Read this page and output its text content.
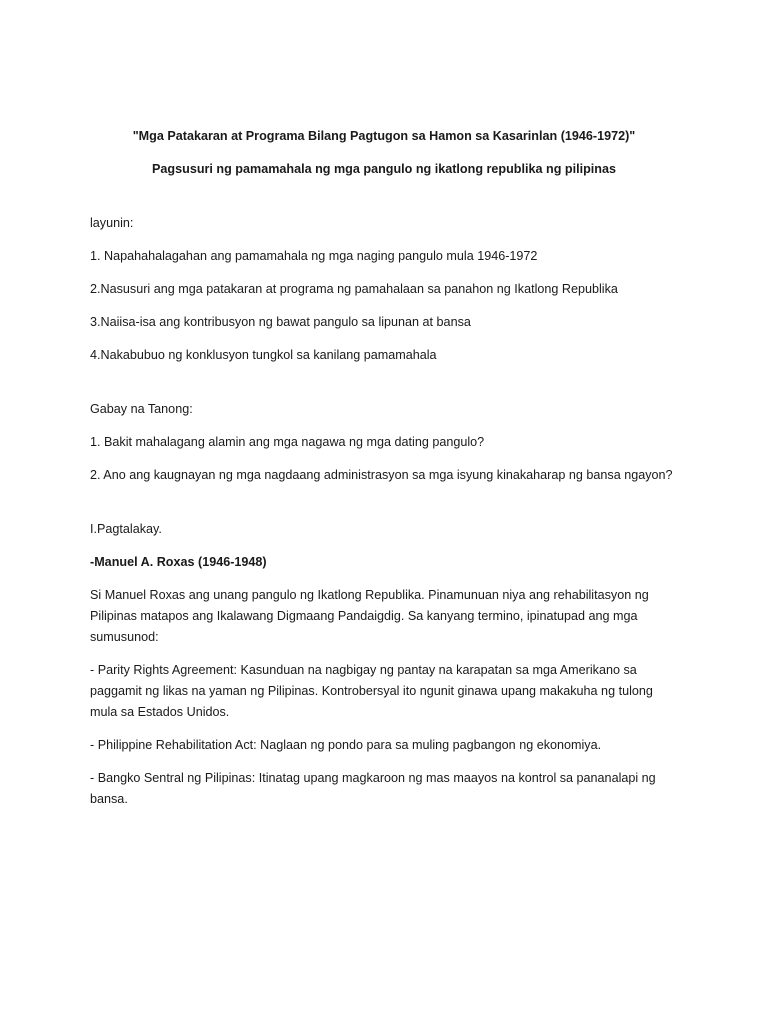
"Mga Patakaran at Programa Bilang Pagtugon sa Hamon sa Kasarinlan (1946-1972)"

Pagsusuri ng pamamahala ng mga pangulo ng ikatlong republika ng pilipinas

layunin:

1. Napahahalagahan ang pamamahala ng mga naging pangulo mula 1946-1972

2.Nasusuri ang mga patakaran at programa ng pamahalaan sa panahon ng Ikatlong Republika

3.Naiisa-isa ang kontribusyon ng bawat pangulo sa lipunan at bansa

4.Nakabubuo ng konklusyon tungkol sa kanilang pamamahala

Gabay na Tanong:

1. Bakit mahalagang alamin ang mga nagawa ng mga dating pangulo?

2. Ano ang kaugnayan ng mga nagdaang administrasyon sa mga isyung kinakaharap ng bansa ngayon?

I.Pagtalakay.

-Manuel A. Roxas (1946-1948)

Si Manuel Roxas ang unang pangulo ng Ikatlong Republika. Pinamunuan niya ang rehabilitasyon ng Pilipinas matapos ang Ikalawang Digmaang Pandaigdig. Sa kanyang termino, ipinatupad ang mga sumusunod:

- Parity Rights Agreement: Kasunduan na nagbigay ng pantay na karapatan sa mga Amerikano sa paggamit ng likas na yaman ng Pilipinas. Kontrobersyal ito ngunit ginawa upang makakuha ng tulong mula sa Estados Unidos.

- Philippine Rehabilitation Act: Naglaan ng pondo para sa muling pagbangon ng ekonomiya.

- Bangko Sentral ng Pilipinas: Itinatag upang magkaroon ng mas maayos na kontrol sa pananalapi ng bansa.
